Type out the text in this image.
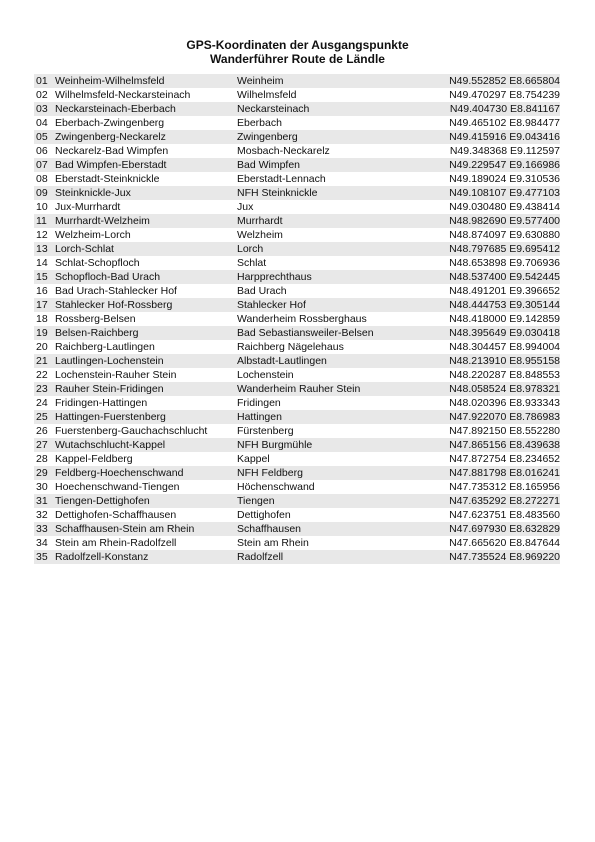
GPS-Koordinaten der Ausgangspunkte
Wanderführer Route de Ländle
01 Weinheim-Wilhelmsfeld	Weinheim	N49.552852 E8.665804
02 Wilhelmsfeld-Neckarsteinach	Wilhelmsfeld	N49.470297 E8.754239
03 Neckarsteinach-Eberbach	Neckarsteinach	N49.404730 E8.841167
04 Eberbach-Zwingenberg	Eberbach	N49.465102 E8.984477
05 Zwingenberg-Neckarelz	Zwingenberg	N49.415916 E9.043416
06 Neckarelz-Bad Wimpfen	Mosbach-Neckarelz	N49.348368 E9.112597
07 Bad Wimpfen-Eberstadt	Bad Wimpfen	N49.229547 E9.166986
08 Eberstadt-Steinknickle	Eberstadt-Lennach	N49.189024 E9.310536
09 Steinknickle-Jux	NFH Steinknickle	N49.108107 E9.477103
10 Jux-Murrhardt	Jux	N49.030480 E9.438414
11 Murrhardt-Welzheim	Murrhardt	N48.982690 E9.577400
12 Welzheim-Lorch	Welzheim	N48.874097 E9.630880
13 Lorch-Schlat	Lorch	N48.797685 E9.695412
14 Schlat-Schopfloch	Schlat	N48.653898 E9.706936
15 Schopfloch-Bad Urach	Harpprechthaus	N48.537400 E9.542445
16 Bad Urach-Stahlecker Hof	Bad Urach	N48.491201 E9.396652
17 Stahlecker Hof-Rossberg	Stahlecker Hof	N48.444753 E9.305144
18 Rossberg-Belsen	Wanderheim Rossberghaus	N48.418000 E9.142859
19 Belsen-Raichberg	Bad Sebastiansweiler-Belsen	N48.395649 E9.030418
20 Raichberg-Lautlingen	Raichberg Nägelehaus	N48.304457 E8.994004
21 Lautlingen-Lochenstein	Albstadt-Lautlingen	N48.213910 E8.955158
22 Lochenstein-Rauher Stein	Lochenstein	N48.220287 E8.848553
23 Rauher Stein-Fridingen	Wanderheim Rauher Stein	N48.058524 E8.978321
24 Fridingen-Hattingen	Fridingen	N48.020396 E8.933343
25 Hattingen-Fuerstenberg	Hattingen	N47.922070 E8.786983
26 Fuerstenberg-Gauchachschlucht	Fürstenberg	N47.892150 E8.552280
27 Wutachschlucht-Kappel	NFH Burgmühle	N47.865156 E8.439638
28 Kappel-Feldberg	Kappel	N47.872754 E8.234652
29 Feldberg-Hoechenschwand	NFH Feldberg	N47.881798 E8.016241
30 Hoechenschwand-Tiengen	Höchenschwand	N47.735312 E8.165956
31 Tiengen-Dettighofen	Tiengen	N47.635292 E8.272271
32 Dettighofen-Schaffhausen	Dettighofen	N47.623751 E8.483560
33 Schaffhausen-Stein am Rhein	Schaffhausen	N47.697930 E8.632829
34 Stein am Rhein-Radolfzell	Stein am Rhein	N47.665620 E8.847644
35 Radolfzell-Konstanz	Radolfzell	N47.735524 E8.969220
